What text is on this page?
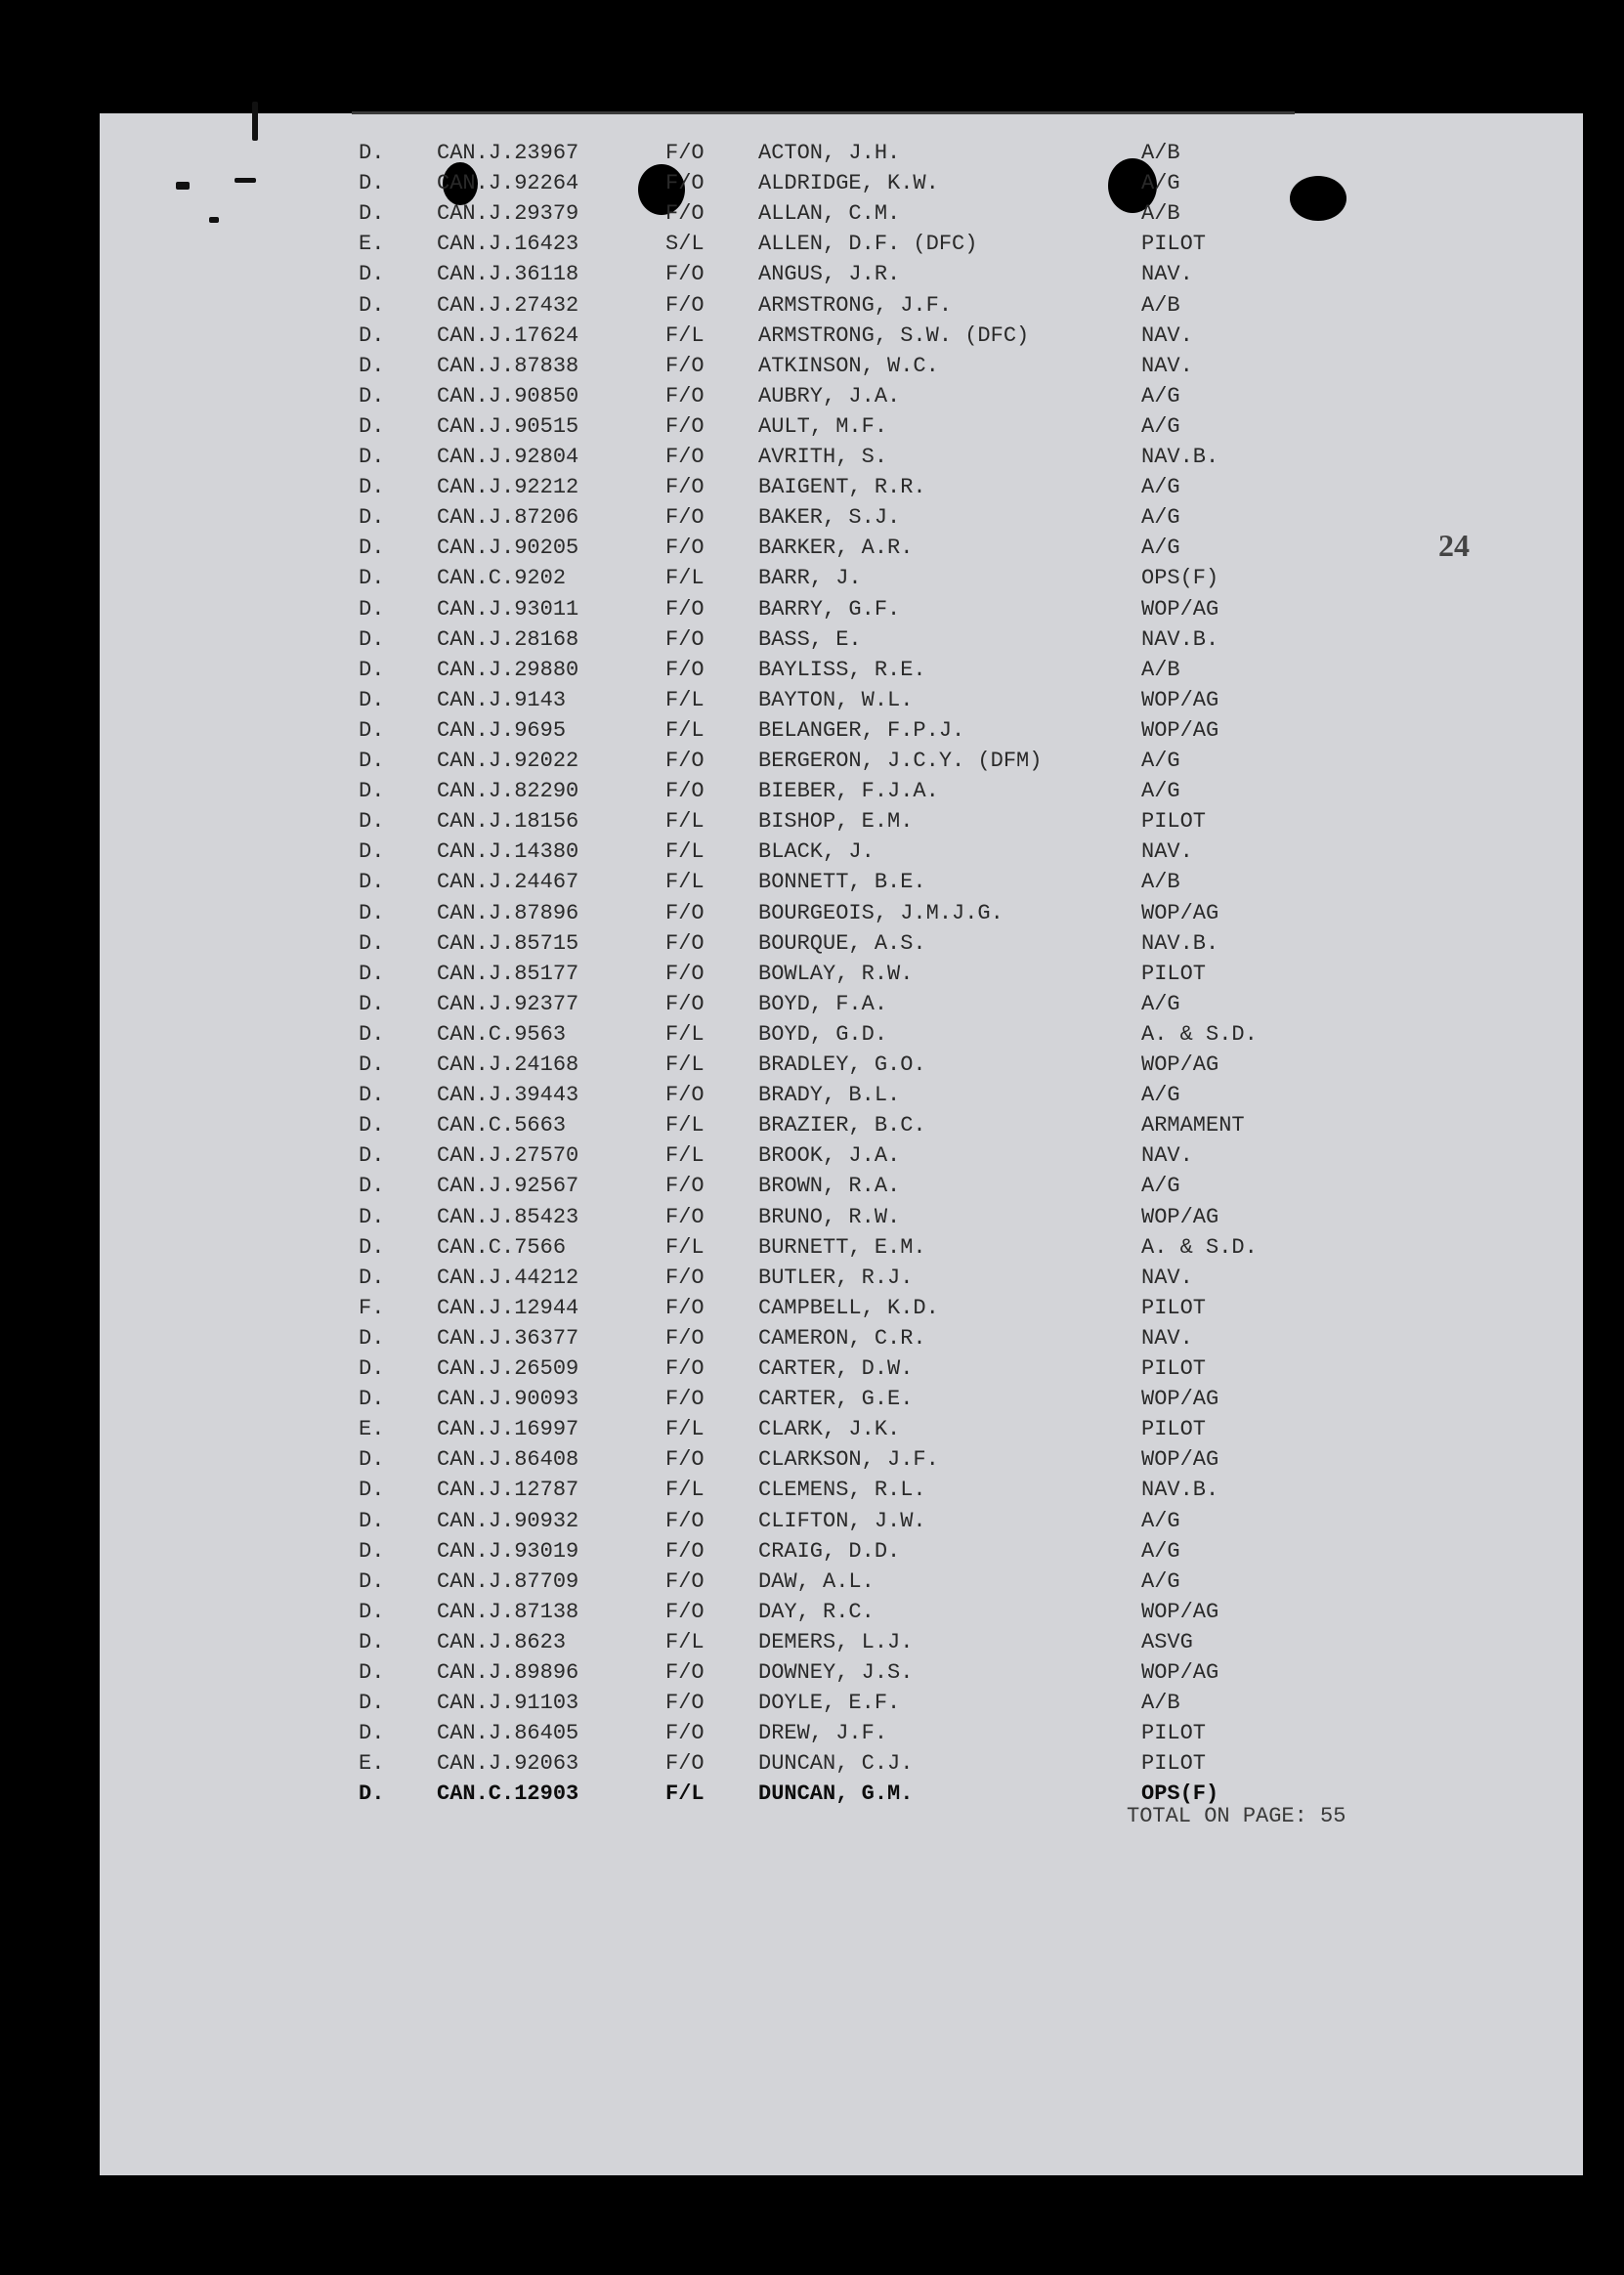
24
D. CAN.J.23967	F/O	ACTON, J.H.	A/B
D. CAN.J.92264	F/O	ALDRIDGE, K.W.	A/G
D. CAN.J.29379	F/O	ALLAN, C.M.	A/B
E. CAN.J.16423	S/L	ALLEN, D.F. (DFC)	PILOT
D. CAN.J.36118	F/O	ANGUS, J.R.	NAV.
D. CAN.J.27432	F/O	ARMSTRONG, J.F.	A/B
D. CAN.J.17624	F/L	ARMSTRONG, S.W. (DFC)	NAV.
D. CAN.J.87838	F/O	ATKINSON, W.C.	NAV.
D. CAN.J.90850	F/O	AUBRY, J.A.	A/G
D. CAN.J.90515	F/O	AULT, M.F.	A/G
D. CAN.J.92804	F/O	AVRITH, S.	NAV.B.
D. CAN.J.92212	F/O	BAIGENT, R.R.	A/G
D. CAN.J.87206	F/O	BAKER, S.J.	A/G
D. CAN.J.90205	F/O	BARKER, A.R.	A/G
D. CAN.C.9202	F/L	BARR, J.	OPS(F)
D. CAN.J.93011	F/O	BARRY, G.F.	WOP/AG
D. CAN.J.28168	F/O	BASS, E.	NAV.B.
D. CAN.J.29880	F/O	BAYLISS, R.E.	A/B
D. CAN.J.9143	F/L	BAYTON, W.L.	WOP/AG
D. CAN.J.9695	F/L	BELANGER, F.P.J.	WOP/AG
D. CAN.J.92022	F/O	BERGERON, J.C.Y. (DFM)	A/G
D. CAN.J.82290	F/O	BIEBER, F.J.A.	A/G
D. CAN.J.18156	F/L	BISHOP, E.M.	PILOT
D. CAN.J.14380	F/L	BLACK, J.	NAV.
D. CAN.J.24467	F/L	BONNETT, B.E.	A/B
D. CAN.J.87896	F/O	BOURGEOIS, J.M.J.G.	WOP/AG
D. CAN.J.85715	F/O	BOURQUE, A.S.	NAV.B.
D. CAN.J.85177	F/O	BOWLAY, R.W.	PILOT
D. CAN.J.92377	F/O	BOYD, F.A.	A/G
D. CAN.C.9563	F/L	BOYD, G.D.	A. & S.D.
D. CAN.J.24168	F/L	BRADLEY, G.O.	WOP/AG
D. CAN.J.39443	F/O	BRADY, B.L.	A/G
D. CAN.C.5663	F/L	BRAZIER, B.C.	ARMAMENT
D. CAN.J.27570	F/L	BROOK, J.A.	NAV.
D. CAN.J.92567	F/O	BROWN, R.A.	A/G
D. CAN.J.85423	F/O	BRUNO, R.W.	WOP/AG
D. CAN.C.7566	F/L	BURNETT, E.M.	A. & S.D.
D. CAN.J.44212	F/O	BUTLER, R.J.	NAV.
F. CAN.J.12944	F/O	CAMPBELL, K.D.	PILOT
D. CAN.J.36377	F/O	CAMERON, C.R.	NAV.
D. CAN.J.26509	F/O	CARTER, D.W.	PILOT
D. CAN.J.90093	F/O	CARTER, G.E.	WOP/AG
E. CAN.J.16997	F/L	CLARK, J.K.	PILOT
D. CAN.J.86408	F/O	CLARKSON, J.F.	WOP/AG
D. CAN.J.12787	F/L	CLEMENS, R.L.	NAV.B.
D. CAN.J.90932	F/O	CLIFTON, J.W.	A/G
D. CAN.J.93019	F/O	CRAIG, D.D.	A/G
D. CAN.J.87709	F/O	DAW, A.L.	A/G
D. CAN.J.87138	F/O	DAY, R.C.	WOP/AG
D. CAN.J.8623	F/L	DEMERS, L.J.	ASVG
D. CAN.J.89896	F/O	DOWNEY, J.S.	WOP/AG
D. CAN.J.91103	F/O	DOYLE, E.F.	A/B
D. CAN.J.86405	F/O	DREW, J.F.	PILOT
E. CAN.J.92063	F/O	DUNCAN, C.J.	PILOT
D. CAN.C.12903	F/L	DUNCAN, G.M.	OPS(F)
TOTAL ON PAGE: 55
